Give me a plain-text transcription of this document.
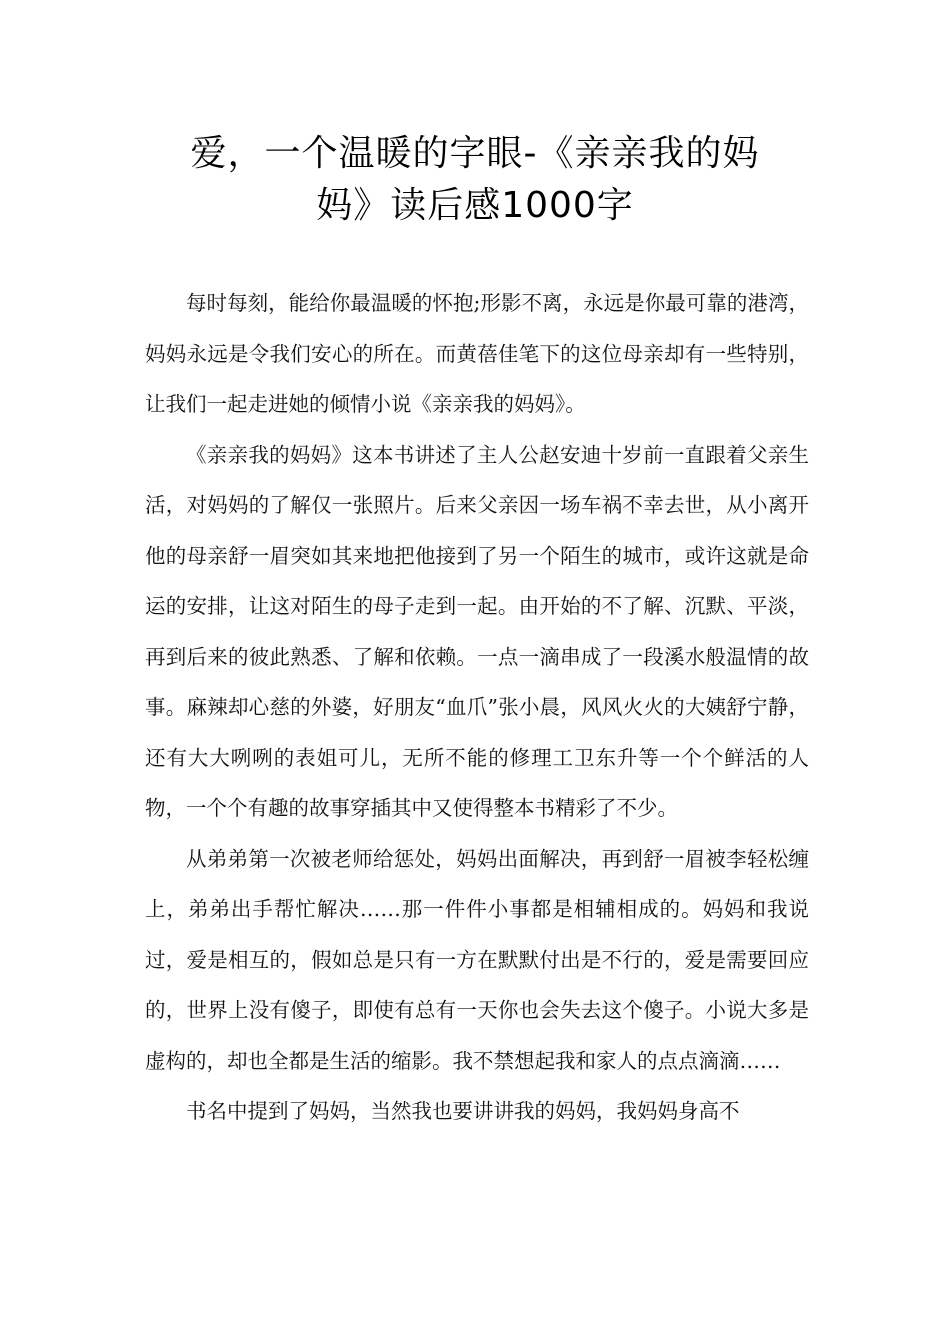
爱，一个温暖的字眼-《亲亲我的妈
妈》读后感1000字

每时每刻，能给你最温暖的怀抱;形影不离，永远是你最可靠的港湾，妈妈永远是令我们安心的所在。而黄蓓佳笔下的这位母亲却有一些特别，让我们一起走进她的倾情小说《亲亲我的妈妈》。

《亲亲我的妈妈》这本书讲述了主人公赵安迪十岁前一直跟着父亲生活，对妈妈的了解仅一张照片。后来父亲因一场车祸不幸去世，从小离开他的母亲舒一眉突如其来地把他接到了另一个陌生的城市，或许这就是命运的安排，让这对陌生的母子走到一起。由开始的不了解、沉默、平淡，再到后来的彼此熟悉、了解和依赖。一点一滴串成了一段溪水般温情的故事。麻辣却心慈的外婆，好朋友“血爪”张小晨，风风火火的大姨舒宁静，还有大大咧咧的表姐可儿，无所不能的修理工卫东升等一个个鲜活的人物，一个个有趣的故事穿插其中又使得整本书精彩了不少。

从弟弟第一次被老师给惩处，妈妈出面解决，再到舒一眉被李轻松缠上，弟弟出手帮忙解决……那一件件小事都是相辅相成的。妈妈和我说过，爱是相互的，假如总是只有一方在默默付出是不行的，爱是需要回应的，世界上没有傻子，即使有总有一天你也会失去这个傻子。小说大多是虚构的，却也全都是生活的缩影。我不禁想起我和家人的点点滴滴……

书名中提到了妈妈，当然我也要讲讲我的妈妈，我妈妈身高不
